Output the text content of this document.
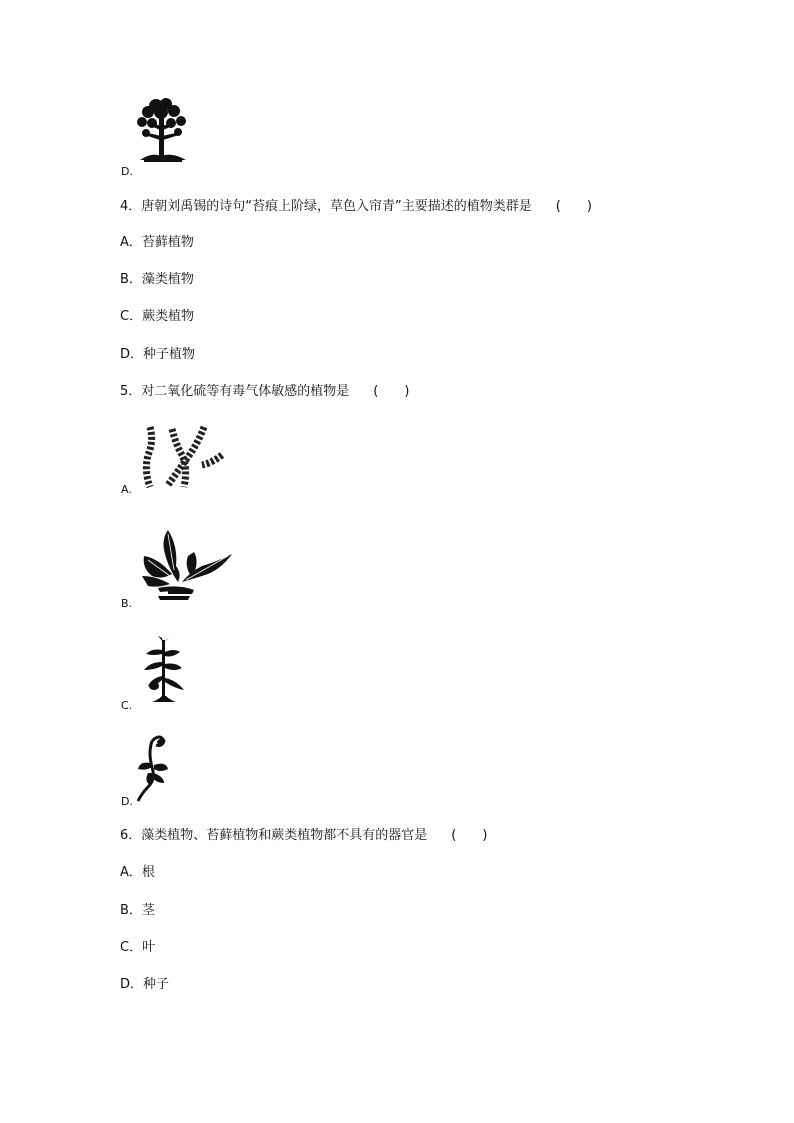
D.
4．唐朝刘禹锡的诗句“苔痕上阶绿，草色入帘青”主要描述的植物类群是 (　　)
A．苔藓植物
B．藻类植物
C．蕨类植物
D．种子植物
5．对二氧化硫等有毒气体敏感的植物是 (　　)
A.
B.
C.
D.
6．藻类植物、苔藓植物和蕨类植物都不具有的器官是 (　　)
A．根
B．茎
C．叶
D．种子
